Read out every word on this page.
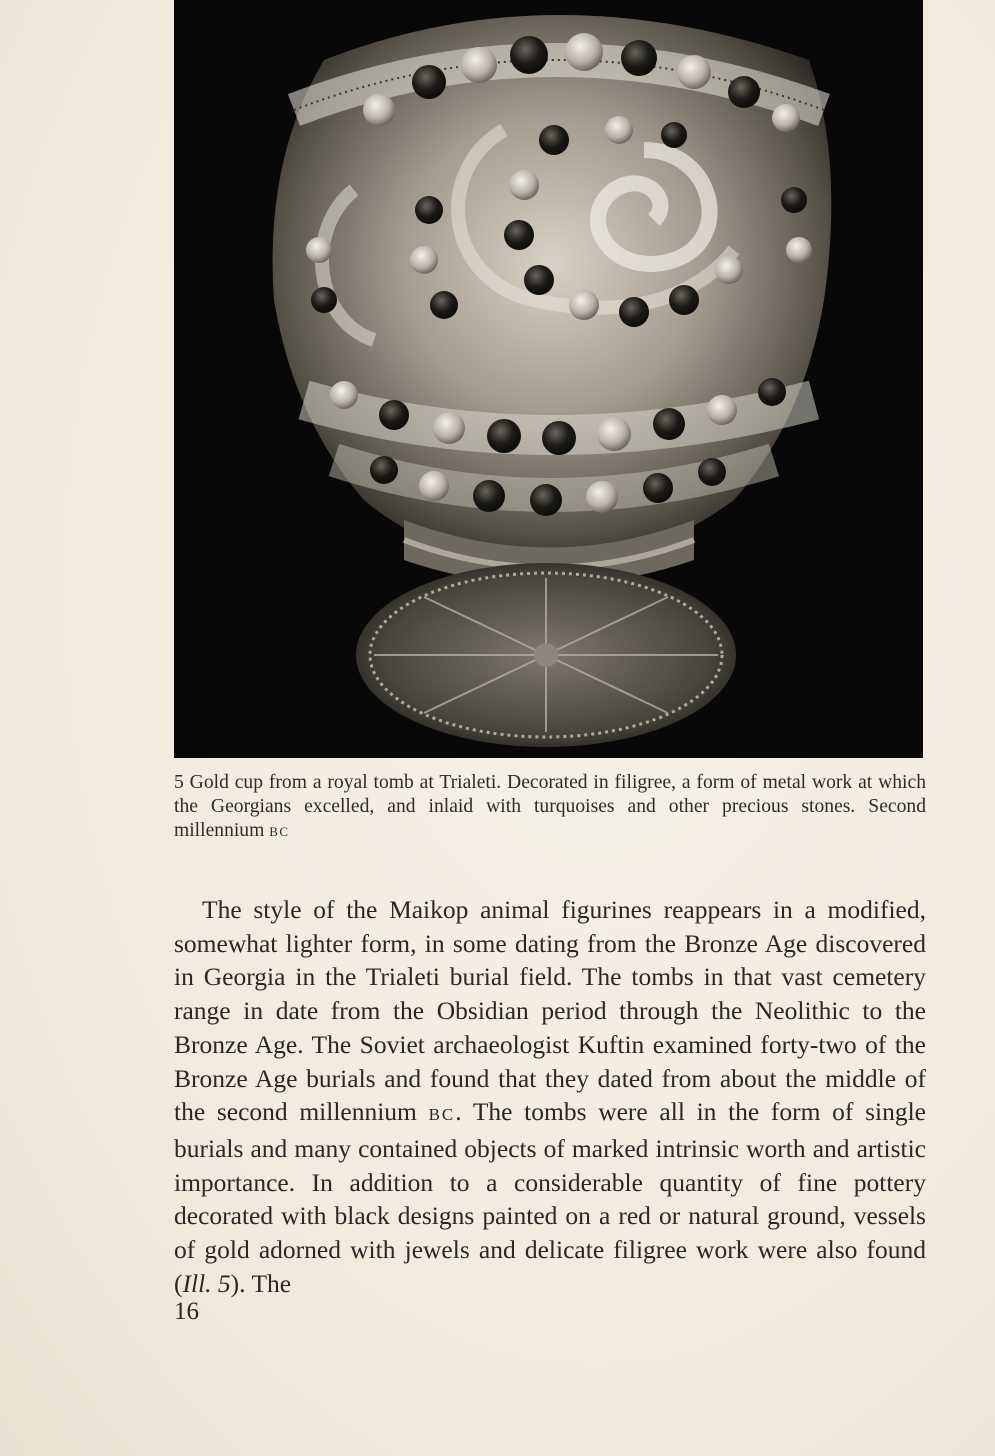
5 Gold cup from a royal tomb at Trialeti. Decorated in filigree, a form of metal work at which the Georgians excelled, and inlaid with turquoises and other precious stones. Second millennium BC

The style of the Maikop animal figurines reappears in a modified, somewhat lighter form, in some dating from the Bronze Age discovered in Georgia in the Trialeti burial field. The tombs in that vast cemetery range in date from the Obsidian period through the Neolithic to the Bronze Age. The Soviet archaeologist Kuftin examined forty-two of the Bronze Age burials and found that they dated from about the middle of the second millennium BC. The tombs were all in the form of single burials and many contained objects of marked intrinsic worth and artistic importance. In addition to a considerable quantity of fine pottery decorated with black designs painted on a red or natural ground, vessels of gold adorned with jewels and delicate filigree work were also found (Ill. 5). The

16
